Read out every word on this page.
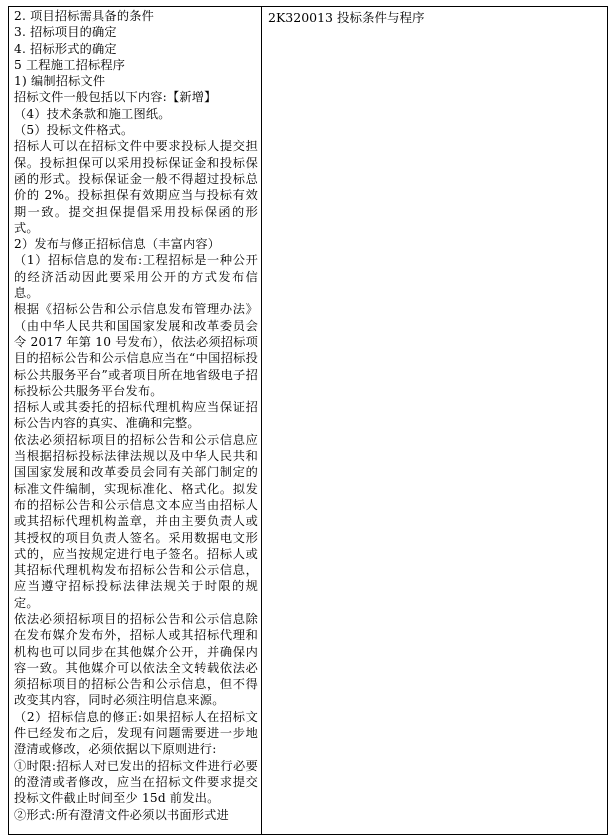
2. 项目招标需具备的条件

3. 招标项目的确定

4. 招标形式的确定

5 工程施工招标程序

1) 编制招标文件

招标文件一般包括以下内容:【新增】

（4）技术条款和施工图纸。

（5）投标文件格式。

招标人可以在招标文件中要求投标人提交担保。投标担保可以采用投标保证金和投标保函的形式。投标保证金一般不得超过投标总价的 2%。投标担保有效期应当与投标有效期一致。提交担保提倡采用投标保函的形式。

2）发布与修正招标信息（丰富内容）

（1）招标信息的发布:工程招标是一种公开的经济活动因此要采用公开的方式发布信息。

根据《招标公告和公示信息发布管理办法》（由中华人民共和国国家发展和改革委员会令 2017 年第 10 号发布），依法必须招标项目的招标公告和公示信息应当在“中国招标投标公共服务平台”或者项目所在地省级电子招标投标公共服务平台发布。

招标人或其委托的招标代理机构应当保证招标公告内容的真实、准确和完整。

依法必须招标项目的招标公告和公示信息应当根据招标投标法律法规以及中华人民共和国国家发展和改革委员会同有关部门制定的标准文件编制，实现标准化、格式化。拟发布的招标公告和公示信息文本应当由招标人或其招标代理机构盖章，并由主要负责人或其授权的项目负责人签名。采用数据电文形式的，应当按规定进行电子签名。招标人或其招标代理机构发布招标公告和公示信息，应当遵守招标投标法律法规关于时限的规定。

依法必须招标项目的招标公告和公示信息除在发布媒介发布外，招标人或其招标代理和机构也可以同步在其他媒介公开，并确保内容一致。其他媒介可以依法全文转载依法必须招标项目的招标公告和公示信息，但不得改变其内容，同时必须注明信息来源。

（2）招标信息的修正:如果招标人在招标文件已经发布之后，发现有问题需要进一步地澄清或修改，必须依据以下原则进行:

①时限:招标人对已发出的招标文件进行必要的澄清或者修改，应当在招标文件要求提交投标文件截止时间至少 15d 前发出。

②形式:所有澄清文件必须以书面形式进

2K320013 投标条件与程序
